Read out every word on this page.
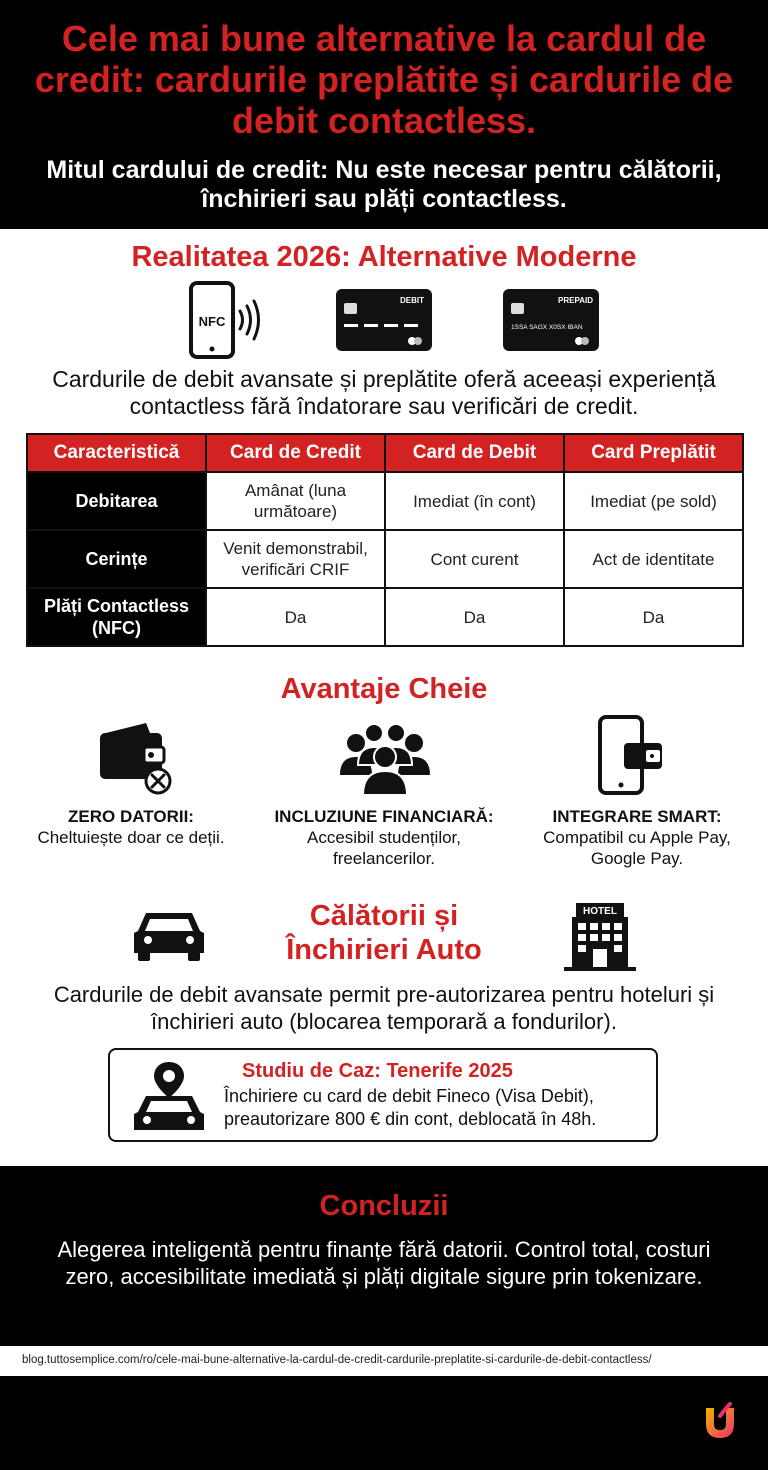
Cele mai bune alternative la cardul de credit: cardurile preplătite și cardurile de debit contactless.
Mitul cardului de credit: Nu este necesar pentru călătorii, închirieri sau plăți contactless.
Realitatea 2026: Alternative Moderne
NFC
DEBIT	PREPAID
1SSA SAGX X0SX IBAN
Cardurile de debit avansate și preplătite oferă aceeași experiență contactless fără îndatorare sau verificări de credit.
Caracteristică	Card de Credit	Card de Debit	Card Preplătit
Debitarea	Amânat (luna următoare)	Imediat (în cont)	Imediat (pe sold)
Cerințe	Venit demonstrabil, verificări CRIF	Cont curent	Act de identitate
Plăți Contactless (NFC)	Da	Da	Da
Avantaje Cheie
ZERO DATORII:
Cheltuiește doar ce deții.
INCLUZIUNE FINANCIARĂ:
Accesibil studenților, freelancerilor.
INTEGRARE SMART:
Compatibil cu Apple Pay, Google Pay.
Călătorii și Închirieri Auto
HOTEL
Cardurile de debit avansate permit pre-autorizarea pentru hoteluri și închirieri auto (blocarea temporară a fondurilor).
Studiu de Caz: Tenerife 2025
Închiriere cu card de debit Fineco (Visa Debit), preautorizare 800 € din cont, deblocată în 48h.
Concluzii

Alegerea inteligentă pentru finanțe fără datorii. Control total, costuri zero, accesibilitate imediată și plăți digitale sigure prin tokenizare.

blog.tuttosemplice.com/ro/cele-mai-bune-alternative-la-cardul-de-credit-cardurile-preplatite-si-cardurile-de-debit-contactless/
